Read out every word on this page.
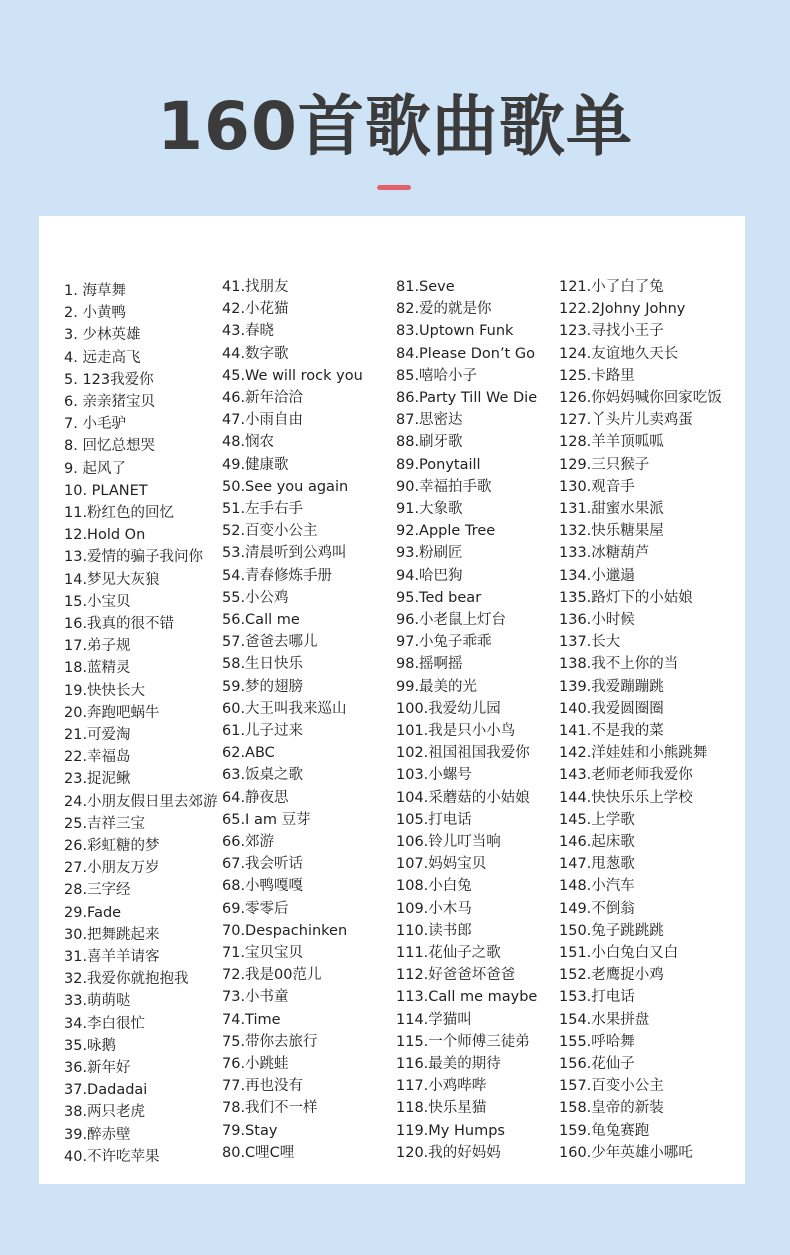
160首歌曲歌单
1. 海草舞
2. 小黄鸭
3. 少林英雄
4. 远走高飞
5. 123我爱你
6. 亲亲猪宝贝
7. 小毛驴
8. 回忆总想哭
9. 起风了
10. PLANET
11.粉红色的回忆
12.Hold On
13.爱情的骗子我问你
14.梦见大灰狼
15.小宝贝
16.我真的很不错
17.弟子规
18.蓝精灵
19.快快长大
20.奔跑吧蜗牛
21.可爱淘
22.幸福岛
23.捉泥鳅
24.小朋友假日里去郊游
25.吉祥三宝
26.彩虹糖的梦
27.小朋友万岁
28.三字经
29.Fade
30.把舞跳起来
31.喜羊羊请客
32.我爱你就抱抱我
33.萌萌哒
34.李白很忙
35.咏鹅
36.新年好
37.Dadadai
38.两只老虎
39.醉赤壁
40.不许吃苹果
41.找朋友
42.小花猫
43.春晓
44.数字歌
45.We will rock you
46.新年洽洽
47.小雨自由
48.悯农
49.健康歌
50.See you again
51.左手右手
52.百变小公主
53.清晨听到公鸡叫
54.青春修炼手册
55.小公鸡
56.Call me
57.爸爸去哪儿
58.生日快乐
59.梦的翅膀
60.大王叫我来巡山
61.儿子过来
62.ABC
63.饭桌之歌
64.静夜思
65.I am 豆芽
66.郊游
67.我会听话
68.小鸭嘎嘎
69.零零后
70.Despachinken
71.宝贝宝贝
72.我是00范儿
73.小书童
74.Time
75.带你去旅行
76.小跳蛙
77.再也没有
78.我们不一样
79.Stay
80.C哩C哩
81.Seve
82.爱的就是你
83.Uptown Funk
84.Please Don’t Go
85.嘻哈小子
86.Party Till We Die
87.思密达
88.刷牙歌
89.Ponytaill
90.幸福拍手歌
91.大象歌
92.Apple Tree
93.粉刷匠
94.哈巴狗
95.Ted bear
96.小老鼠上灯台
97.小兔子乖乖
98.摇啊摇
99.最美的光
100.我爱幼儿园
101.我是只小小鸟
102.祖国祖国我爱你
103.小螺号
104.采蘑菇的小姑娘
105.打电话
106.铃儿叮当响
107.妈妈宝贝
108.小白兔
109.小木马
110.读书郎
111.花仙子之歌
112.好爸爸坏爸爸
113.Call me maybe
114.学猫叫
115.一个师傅三徒弟
116.最美的期待
117.小鸡哔哔
118.快乐星猫
119.My Humps
120.我的好妈妈
121.小了白了兔
122.2Johny Johny
123.寻找小王子
124.友谊地久天长
125.卡路里
126.你妈妈喊你回家吃饭
127.丫头片儿卖鸡蛋
128.羊羊顶呱呱
129.三只猴子
130.观音手
131.甜蜜水果派
132.快乐糖果屋
133.冰糖葫芦
134.小邋遢
135.路灯下的小姑娘
136.小时候
137.长大
138.我不上你的当
139.我爱蹦蹦跳
140.我爱圆圈圈
141.不是我的菜
142.洋娃娃和小熊跳舞
143.老师老师我爱你
144.快快乐乐上学校
145.上学歌
146.起床歌
147.甩葱歌
148.小汽车
149.不倒翁
150.兔子跳跳跳
151.小白兔白又白
152.老鹰捉小鸡
153.打电话
154.水果拼盘
155.呼哈舞
156.花仙子
157.百变小公主
158.皇帝的新装
159.龟兔赛跑
160.少年英雄小哪吒
